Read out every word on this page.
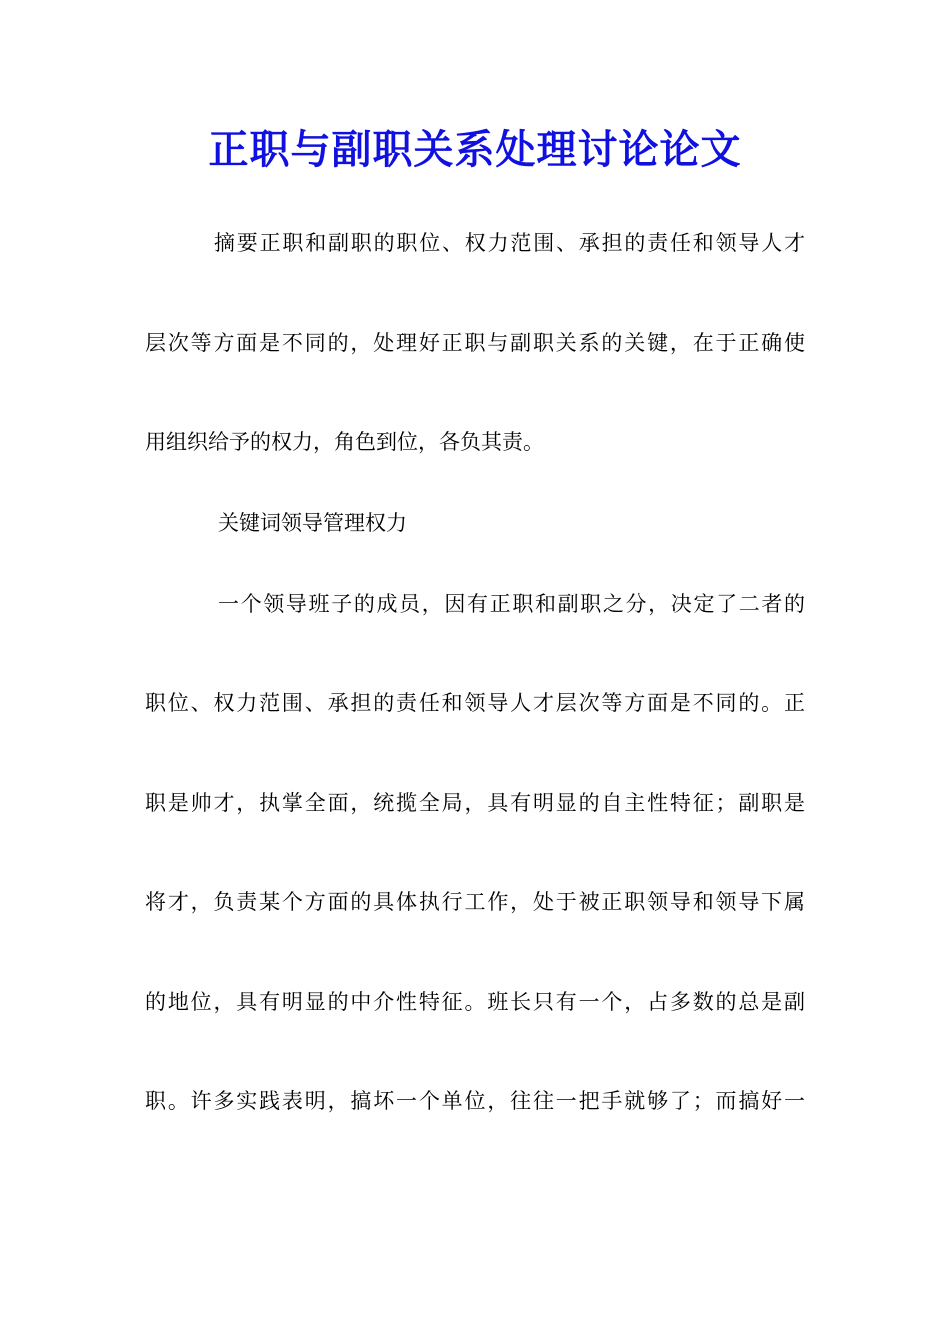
正职与副职关系处理讨论论文

摘要正职和副职的职位、权力范围、承担的责任和领导人才

层次等方面是不同的，处理好正职与副职关系的关键，在于正确使

用组织给予的权力，角色到位，各负其责。

关键词领导管理权力

一个领导班子的成员，因有正职和副职之分，决定了二者的

职位、权力范围、承担的责任和领导人才层次等方面是不同的。正

职是帅才，执掌全面，统揽全局，具有明显的自主性特征；副职是

将才，负责某个方面的具体执行工作，处于被正职领导和领导下属

的地位，具有明显的中介性特征。班长只有一个，占多数的总是副

职。许多实践表明，搞坏一个单位，往往一把手就够了；而搞好一
